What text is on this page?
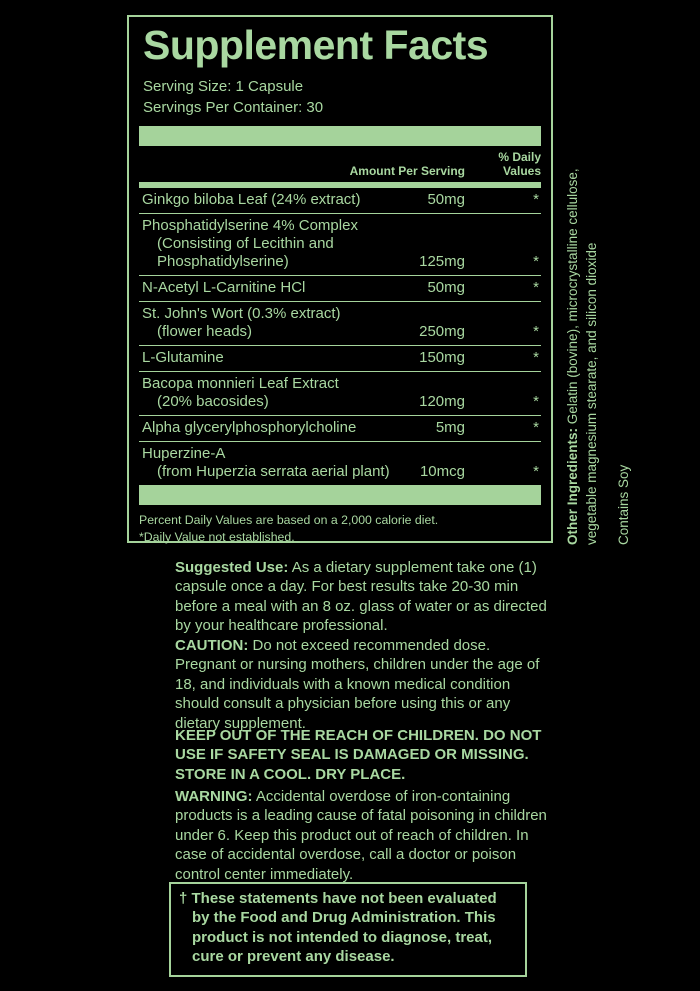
Supplement Facts
Serving Size: 1 Capsule
Servings Per Container: 30
Amount Per Serving
% Daily
Values
Ginkgo biloba Leaf (24% extract)	50mg	*
Phosphatidylserine 4% Complex
(Consisting of Lecithin and
Phosphatidylserine)	125mg	*
N-Acetyl L-Carnitine HCl	50mg	*
St. John's Wort (0.3% extract)
(flower heads)	250mg	*
L-Glutamine	150mg	*
Bacopa monnieri Leaf Extract
(20% bacosides)	120mg	*
Alpha glycerylphosphorylcholine	5mg	*
Huperzine-A
(from Huperzia serrata aerial plant)	10mcg	*
Percent Daily Values are based on a 2,000 calorie diet.
*Daily Value not established.	Other Ingredients: Gelatin (bovine), microcrystalline cellulose, vegetable magnesium stearate, and silicon dioxide Contains Soy

Suggested Use: As a dietary supplement take one (1) capsule once a day. For best results take 20-30 min before a meal with an 8 oz. glass of water or as directed by your healthcare professional.

CAUTION: Do not exceed recommended dose. Pregnant or nursing mothers, children under the age of 18, and individuals with a known medical condition should consult a physician before using this or any dietary supplement.

KEEP OUT OF THE REACH OF CHILDREN. DO NOT USE IF SAFETY SEAL IS DAMAGED OR MISSING. STORE IN A COOL. DRY PLACE.

WARNING: Accidental overdose of iron-containing products is a leading cause of fatal poisoning in children under 6. Keep this product out of reach of children. In case of accidental overdose, call a doctor or poison control center immediately.

† These statements have not been evaluated by the Food and Drug Administration. This product is not intended to diagnose, treat, cure or prevent any disease.
